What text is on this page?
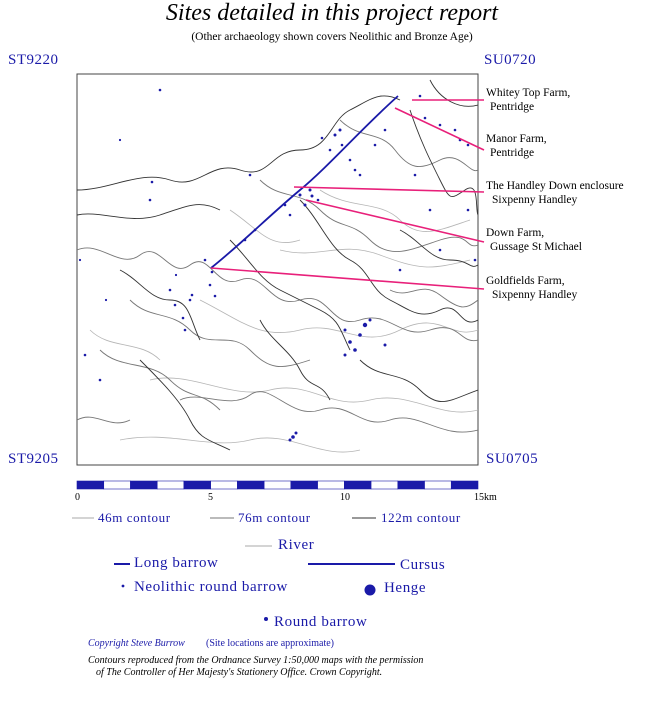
Sites detailed in this project report
(Other archaeology shown covers Neolithic and Bronze Age)
ST9220	SU0720
ST9205	SU0705
Whitey Top Farm,
Pentridge
Manor Farm,
Pentridge
The Handley Down enclosure
Sixpenny Handley
Down Farm,
Gussage St Michael
Goldfields Farm,
Sixpenny Handley
0	5	10	15km
46m contour	76m contour	122m contour
River
Long barrow	Cursus
Neolithic round barrow	Henge
Round barrow
Copyright Steve Burrow (Site locations are approximate)
Contours reproduced from the Ordnance Survey 1:50,000 maps with the permission
of The Controller of Her Majesty's Stationery Office. Crown Copyright.
